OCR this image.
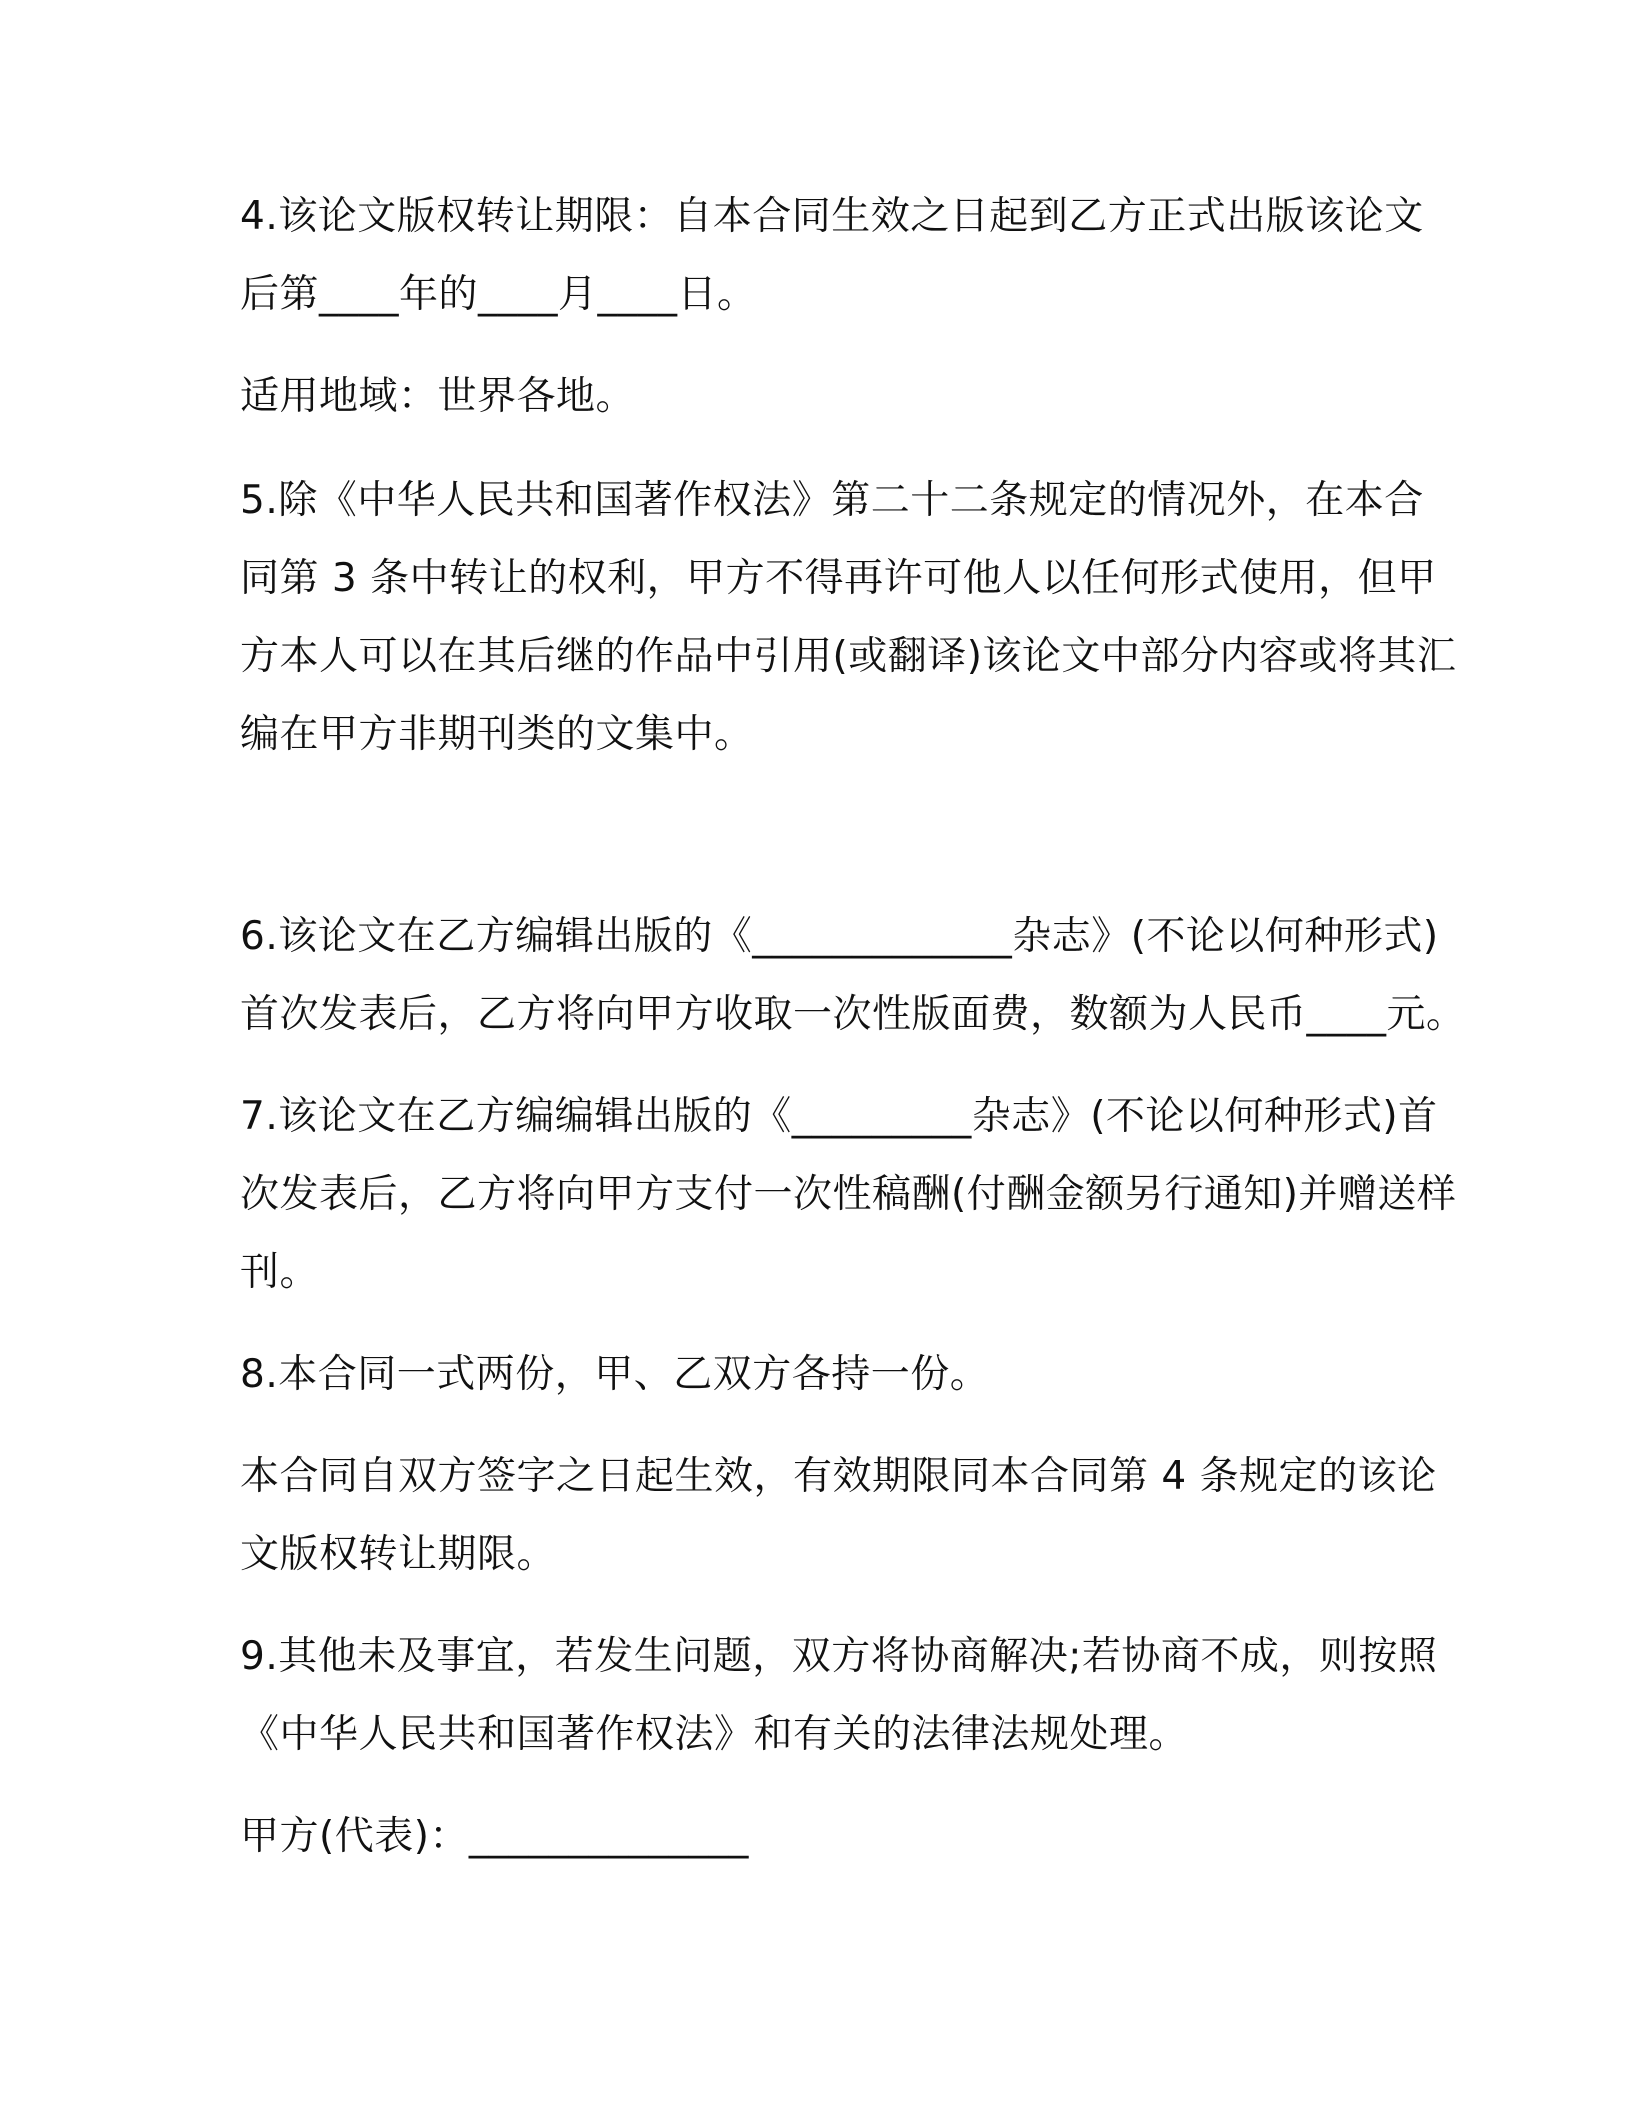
4.该论文版权转让期限：自本合同生效之日起到乙方正式出版该论文
后第____年的____月____日。
适用地域：世界各地。
5.除《中华人民共和国著作权法》第二十二条规定的情况外，在本合
同第 3 条中转让的权利，甲方不得再许可他人以任何形式使用，但甲
方本人可以在其后继的作品中引用(或翻译)该论文中部分内容或将其汇
编在甲方非期刊类的文集中。
6.该论文在乙方编辑出版的《_____________杂志》(不论以何种形式)
首次发表后，乙方将向甲方收取一次性版面费，数额为人民币____元。
7.该论文在乙方编编辑出版的《_________杂志》(不论以何种形式)首
次发表后，乙方将向甲方支付一次性稿酬(付酬金额另行通知)并赠送样
刊。
8.本合同一式两份，甲、乙双方各持一份。
本合同自双方签字之日起生效，有效期限同本合同第 4 条规定的该论
文版权转让期限。
9.其他未及事宜，若发生问题，双方将协商解决;若协商不成，则按照
《中华人民共和国著作权法》和有关的法律法规处理。
甲方(代表)：______________
